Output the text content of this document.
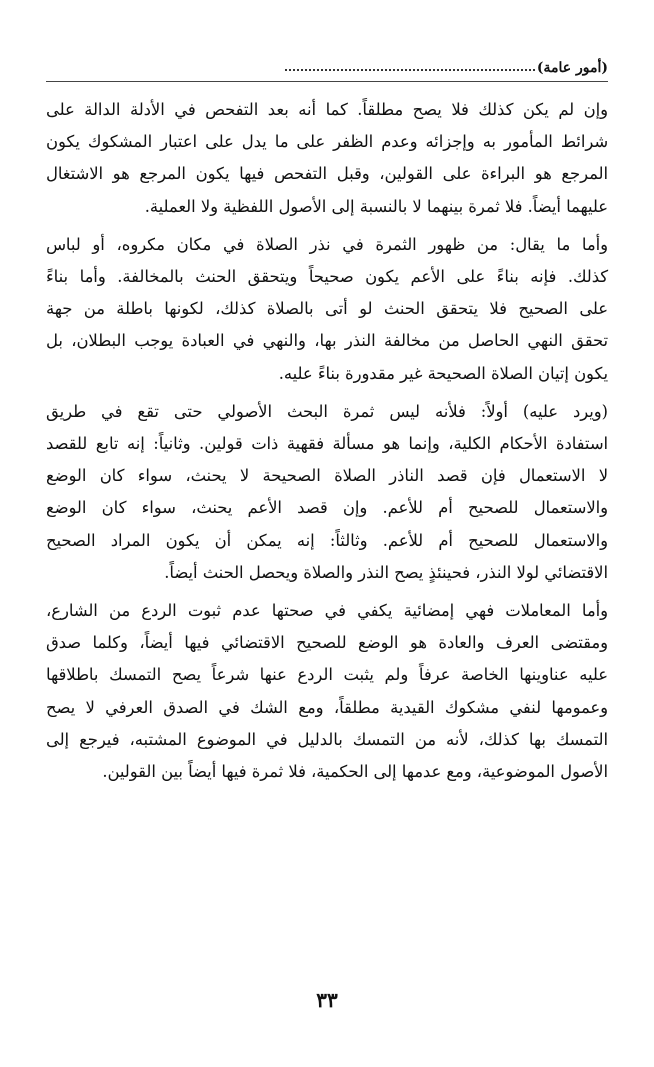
(أمور عامة)

وإن لم يكن كذلك فلا يصح مطلقاً. كما أنه بعد التفحص في الأدلة الدالة على
شرائط المأمور به وإجزائه وعدم الظفر على ما يدل على اعتبار المشكوك يكون
المرجع هو البراءة على القولين، وقبل التفحص فيها يكون المرجع هو الاشتغال
عليهما أيضاً. فلا ثمرة بينهما لا بالنسبة إلى الأصول اللفظية ولا العملية.

وأما ما يقال: من ظهور الثمرة في نذر الصلاة في مكان مكروه، أو لباس
كذلك. فإنه بناءً على الأعم يكون صحيحاً ويتحقق الحنث بالمخالفة. وأما بناءً
على الصحيح فلا يتحقق الحنث لو أتى بالصلاة كذلك، لكونها باطلة من جهة
تحقق النهي الحاصل من مخالفة النذر بها، والنهي في العبادة يوجب البطلان، بل
يكون إتيان الصلاة الصحيحة غير مقدورة بناءً عليه.

(ويرد عليه) أولاً: فلأنه ليس ثمرة البحث الأصولي حتى تقع في طريق
استفادة الأحكام الكلية، وإنما هو مسألة فقهية ذات قولين. وثانياً: إنه تابع للقصد
لا الاستعمال فإن قصد الناذر الصلاة الصحيحة لا يحنث، سواء كان الوضع
والاستعمال للصحيح أم للأعم. وإن قصد الأعم يحنث، سواء كان الوضع
والاستعمال للصحيح أم للأعم. وثالثاً: إنه يمكن أن يكون المراد الصحيح
الاقتضائي لولا النذر، فحينئذٍ يصح النذر والصلاة ويحصل الحنث أيضاً.

وأما المعاملات فهي إمضائية يكفي في صحتها عدم ثبوت الردع من الشارع،
ومقتضى العرف والعادة هو الوضع للصحيح الاقتضائي فيها أيضاً، وكلما صدق
عليه عناوينها الخاصة عرفاً ولم يثبت الردع عنها شرعاً يصح التمسك باطلاقها
وعمومها لنفي مشكوك القيدية مطلقاً، ومع الشك في الصدق العرفي لا يصح
التمسك بها كذلك، لأنه من التمسك بالدليل في الموضوع المشتبه، فيرجع إلى
الأصول الموضوعية، ومع عدمها إلى الحكمية، فلا ثمرة فيها أيضاً بين القولين.

٣٣
